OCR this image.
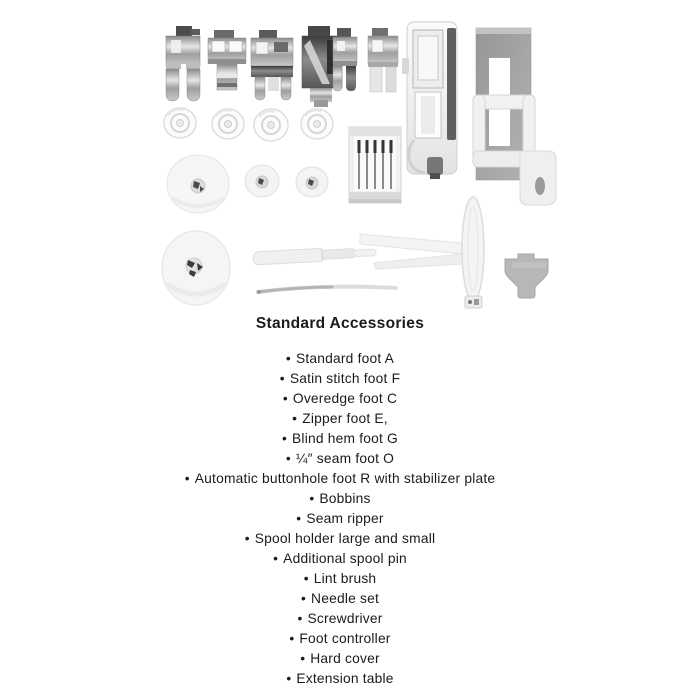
Standard Accessories
• Standard foot A
• Satin stitch foot F
• Overedge foot C
• Zipper foot E,
• Blind hem foot G
• ¼″ seam foot O
• Automatic buttonhole foot R with stabilizer plate
• Bobbins
• Seam ripper
• Spool holder large and small
• Additional spool pin
• Lint brush
• Needle set
• Screwdriver
• Foot controller
• Hard cover
• Extension table
